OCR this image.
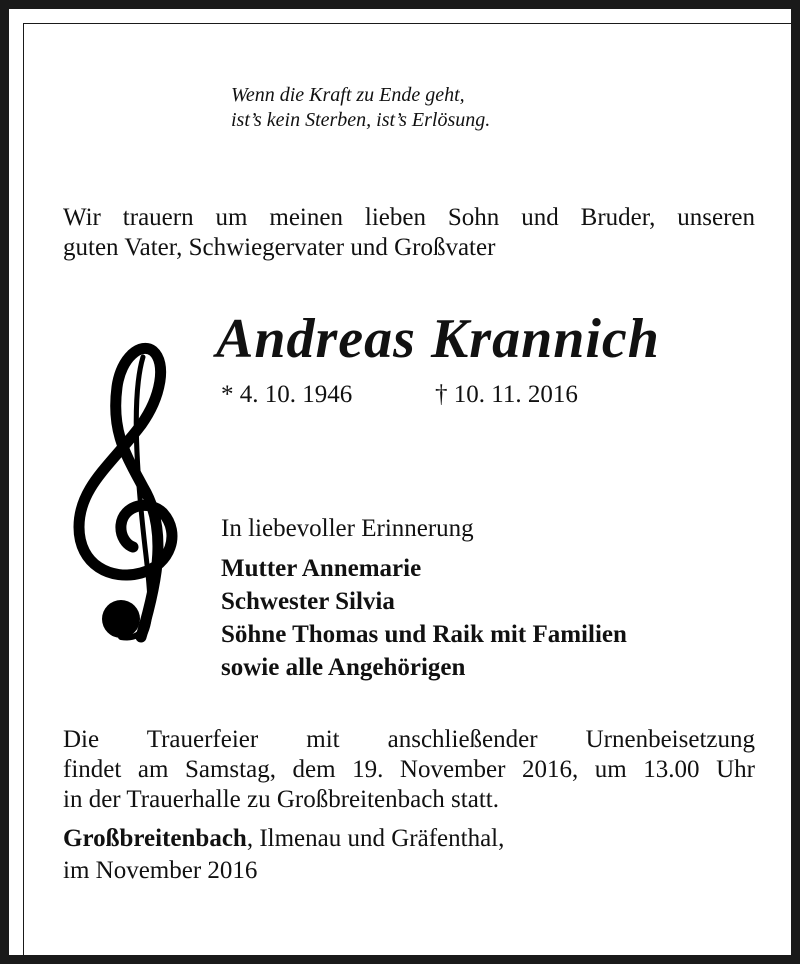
Wenn die Kraft zu Ende geht,
ist’s kein Sterben, ist’s Erlösung.
Wir trauern um meinen lieben Sohn und Bruder, unseren
guten Vater, Schwiegervater und Großvater
Andreas Krannich
* 4. 10. 1946	† 10. 11. 2016
In liebevoller Erinnerung
Mutter Annemarie
Schwester Silvia
Söhne Thomas und Raik mit Familien
sowie alle Angehörigen
Die Trauerfeier mit anschließender Urnenbeisetzung
findet am Samstag, dem 19. November 2016, um 13.00 Uhr
in der Trauerhalle zu Großbreitenbach statt.
Großbreitenbach, Ilmenau und Gräfenthal,
im November 2016
